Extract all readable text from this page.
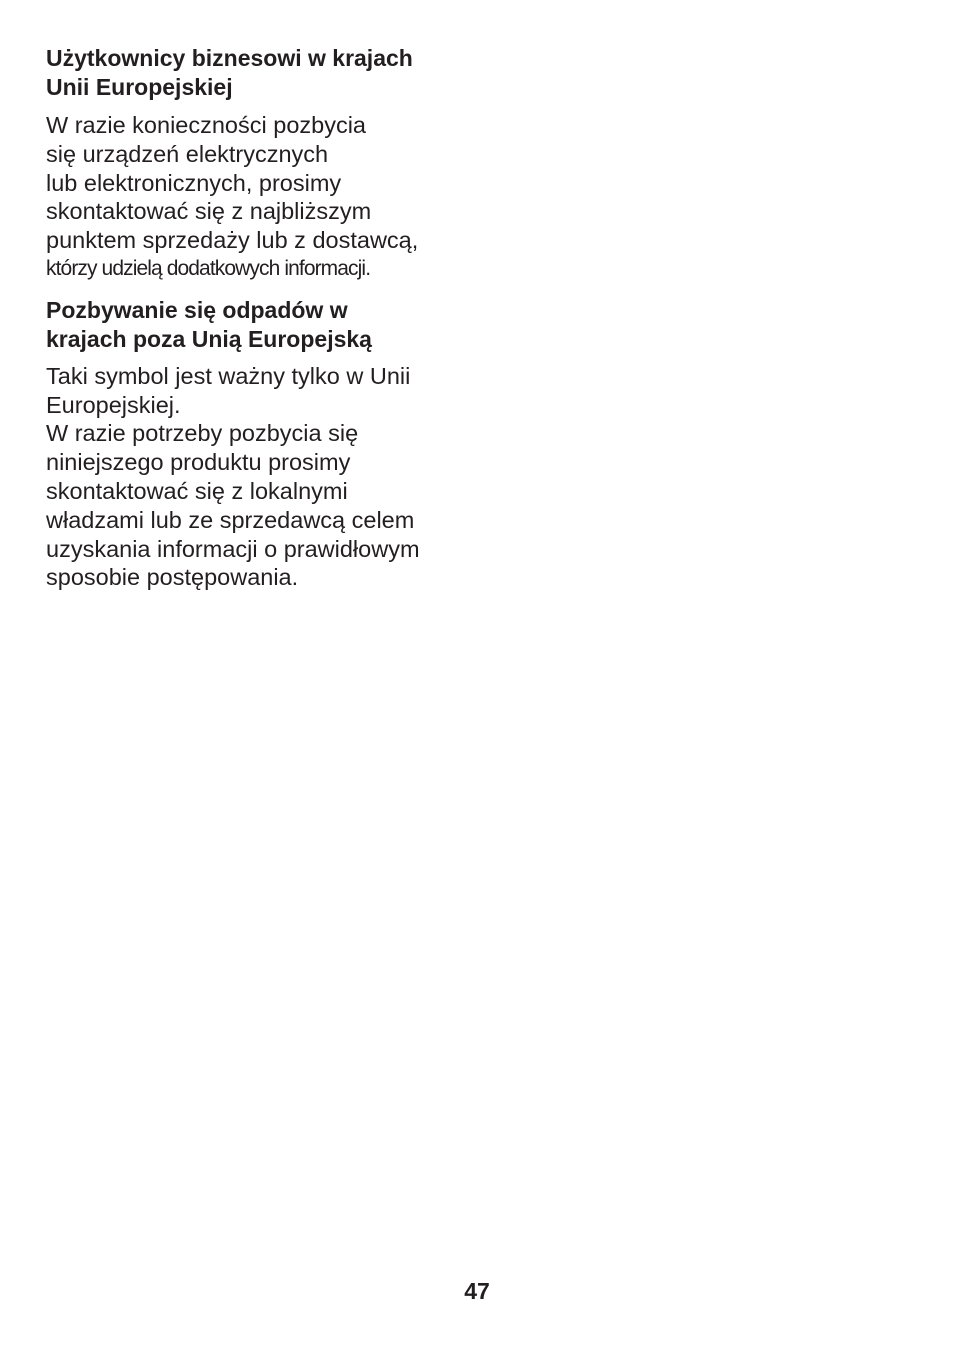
Użytkownicy biznesowi w krajach
Unii Europejskiej

W razie konieczności pozbycia
się urządzeń elektrycznych
lub elektronicznych, prosimy
skontaktować się z najbliższym
punktem sprzedaży lub z dostawcą,
którzy udzielą dodatkowych informacji.

Pozbywanie się odpadów w
krajach poza Unią Europejską

Taki symbol jest ważny tylko w Unii
Europejskiej.
W razie potrzeby pozbycia się
niniejszego produktu prosimy
skontaktować się z lokalnymi
władzami lub ze sprzedawcą celem
uzyskania informacji o prawidłowym
sposobie postępowania.

47
